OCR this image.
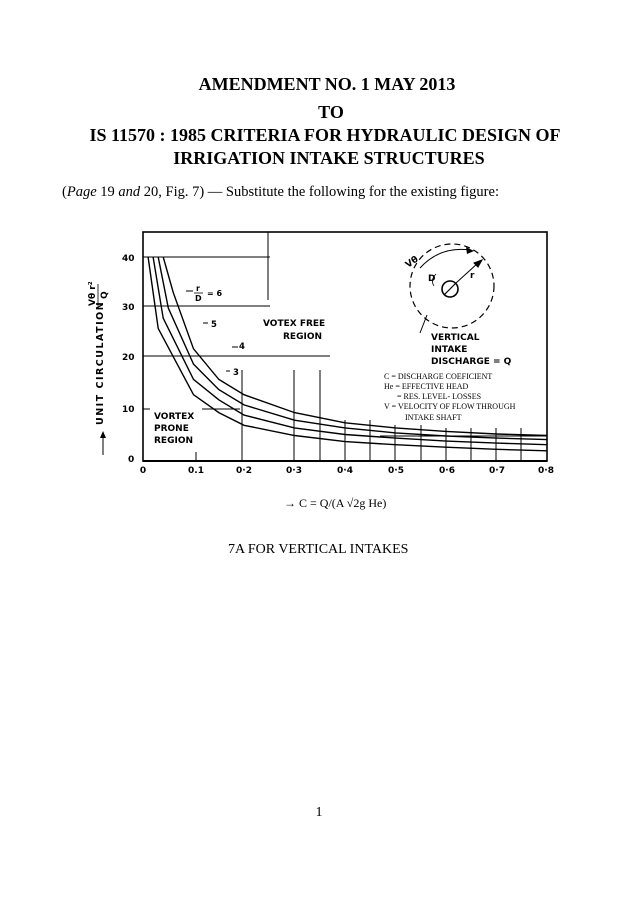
AMENDMENT NO. 1 MAY 2013
TO
IS 11570 : 1985 CRITERIA FOR HYDRAULIC DESIGN OF
IRRIGATION INTAKE STRUCTURES
(Page 19 and 20, Fig. 7) — Substitute the following for the existing figure:
40
30
20
10
0
0	0.1	0·2	0·3	0·4	0·5	0·6	0·7	0·8
UNIT CIRCULATION
Vθ r² Q
r
D
= 6
5
4
3
VOTEX FREE
REGION
VORTEX
PRONE
REGION
Vθ
D	r
VERTICAL
INTAKE
DISCHARGE = Q
C = DISCHARGE COEFICIENT
He = EFFECTIVE HEAD
= RES. LEVEL- LOSSES
V = VELOCITY OF FLOW THROUGH
INTAKE SHAFT
→ C = Q/(A √2g He)
7A FOR VERTICAL INTAKES
1
